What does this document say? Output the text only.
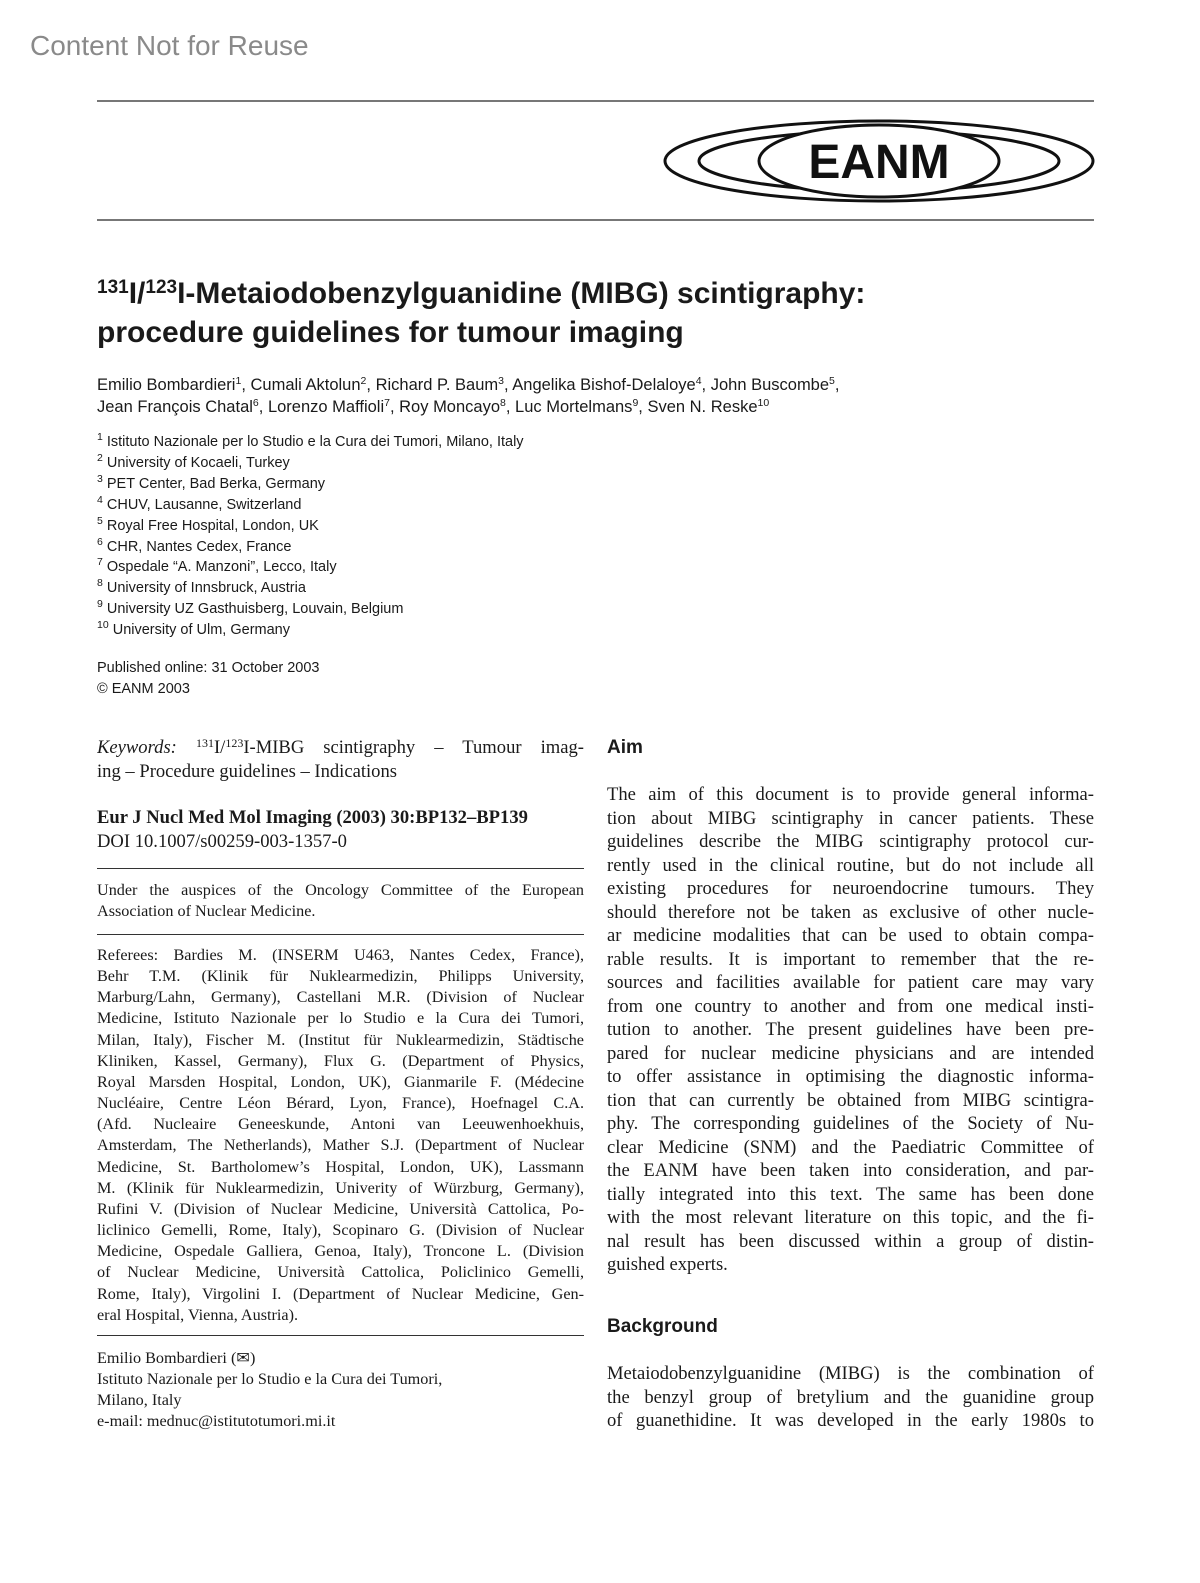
Content Not for Reuse
EANM
$^{131}$I/$^{123}$I-Metaiodobenzylguanidine (MIBG) scintigraphy:
procedure guidelines for tumour imaging
Emilio Bombardieri$^1$, Cumali Aktolun$^2$, Richard P. Baum$^3$, Angelika Bishof-Delaloye$^4$, John Buscombe$^5$,
Jean François Chatal$^6$, Lorenzo Maffioli$^7$, Roy Moncayo$^8$, Luc Mortelmans$^9$, Sven N. Reske$^{10}$
$^1$ Istituto Nazionale per lo Studio e la Cura dei Tumori, Milano, Italy
$^2$ University of Kocaeli, Turkey
$^3$ PET Center, Bad Berka, Germany
$^4$ CHUV, Lausanne, Switzerland
$^5$ Royal Free Hospital, London, UK
$^6$ CHR, Nantes Cedex, France
$^7$ Ospedale “A. Manzoni”, Lecco, Italy
$^8$ University of Innsbruck, Austria
$^9$ University UZ Gasthuisberg, Louvain, Belgium
$^{10}$ University of Ulm, Germany
Published online: 31 October 2003
© EANM 2003
Keywords: $^{131}$I/$^{123}$I-MIBG scintigraphy – Tumour imag-
ing – Procedure guidelines – Indications
Eur J Nucl Med Mol Imaging (2003) 30:BP132–BP139
DOI 10.1007/s00259-003-1357-0
Under the auspices of the Oncology Committee of the European
Association of Nuclear Medicine.
Referees: Bardies M. (INSERM U463, Nantes Cedex, France),
Behr T.M. (Klinik für Nuklearmedizin, Philipps University,
Marburg/Lahn, Germany), Castellani M.R. (Division of Nuclear
Medicine, Istituto Nazionale per lo Studio e la Cura dei Tumori,
Milan, Italy), Fischer M. (Institut für Nuklearmedizin, Städtische
Kliniken, Kassel, Germany), Flux G. (Department of Physics,
Royal Marsden Hospital, London, UK), Gianmarile F. (Médecine
Nucléaire, Centre Léon Bérard, Lyon, France), Hoefnagel C.A.
(Afd. Nucleaire Geneeskunde, Antoni van Leeuwenhoekhuis,
Amsterdam, The Netherlands), Mather S.J. (Department of Nuclear
Medicine, St. Bartholomew’s Hospital, London, UK), Lassmann
M. (Klinik für Nuklearmedizin, Univerity of Würzburg, Germany),
Rufini V. (Division of Nuclear Medicine, Università Cattolica, Po-
liclinico Gemelli, Rome, Italy), Scopinaro G. (Division of Nuclear
Medicine, Ospedale Galliera, Genoa, Italy), Troncone L. (Division
of Nuclear Medicine, Università Cattolica, Policlinico Gemelli,
Rome, Italy), Virgolini I. (Department of Nuclear Medicine, Gen-
eral Hospital, Vienna, Austria).
Emilio Bombardieri (✉)
Istituto Nazionale per lo Studio e la Cura dei Tumori,
Milano, Italy
e-mail: mednuc@istitutotumori.mi.it
Aim
The aim of this document is to provide general informa-
tion about MIBG scintigraphy in cancer patients. These
guidelines describe the MIBG scintigraphy protocol cur-
rently used in the clinical routine, but do not include all
existing procedures for neuroendocrine tumours. They
should therefore not be taken as exclusive of other nucle-
ar medicine modalities that can be used to obtain compa-
rable results. It is important to remember that the re-
sources and facilities available for patient care may vary
from one country to another and from one medical insti-
tution to another. The present guidelines have been pre-
pared for nuclear medicine physicians and are intended
to offer assistance in optimising the diagnostic informa-
tion that can currently be obtained from MIBG scintigra-
phy. The corresponding guidelines of the Society of Nu-
clear Medicine (SNM) and the Paediatric Committee of
the EANM have been taken into consideration, and par-
tially integrated into this text. The same has been done
with the most relevant literature on this topic, and the fi-
nal result has been discussed within a group of distin-
guished experts.
Background
Metaiodobenzylguanidine (MIBG) is the combination of
the benzyl group of bretylium and the guanidine group
of guanethidine. It was developed in the early 1980s to
